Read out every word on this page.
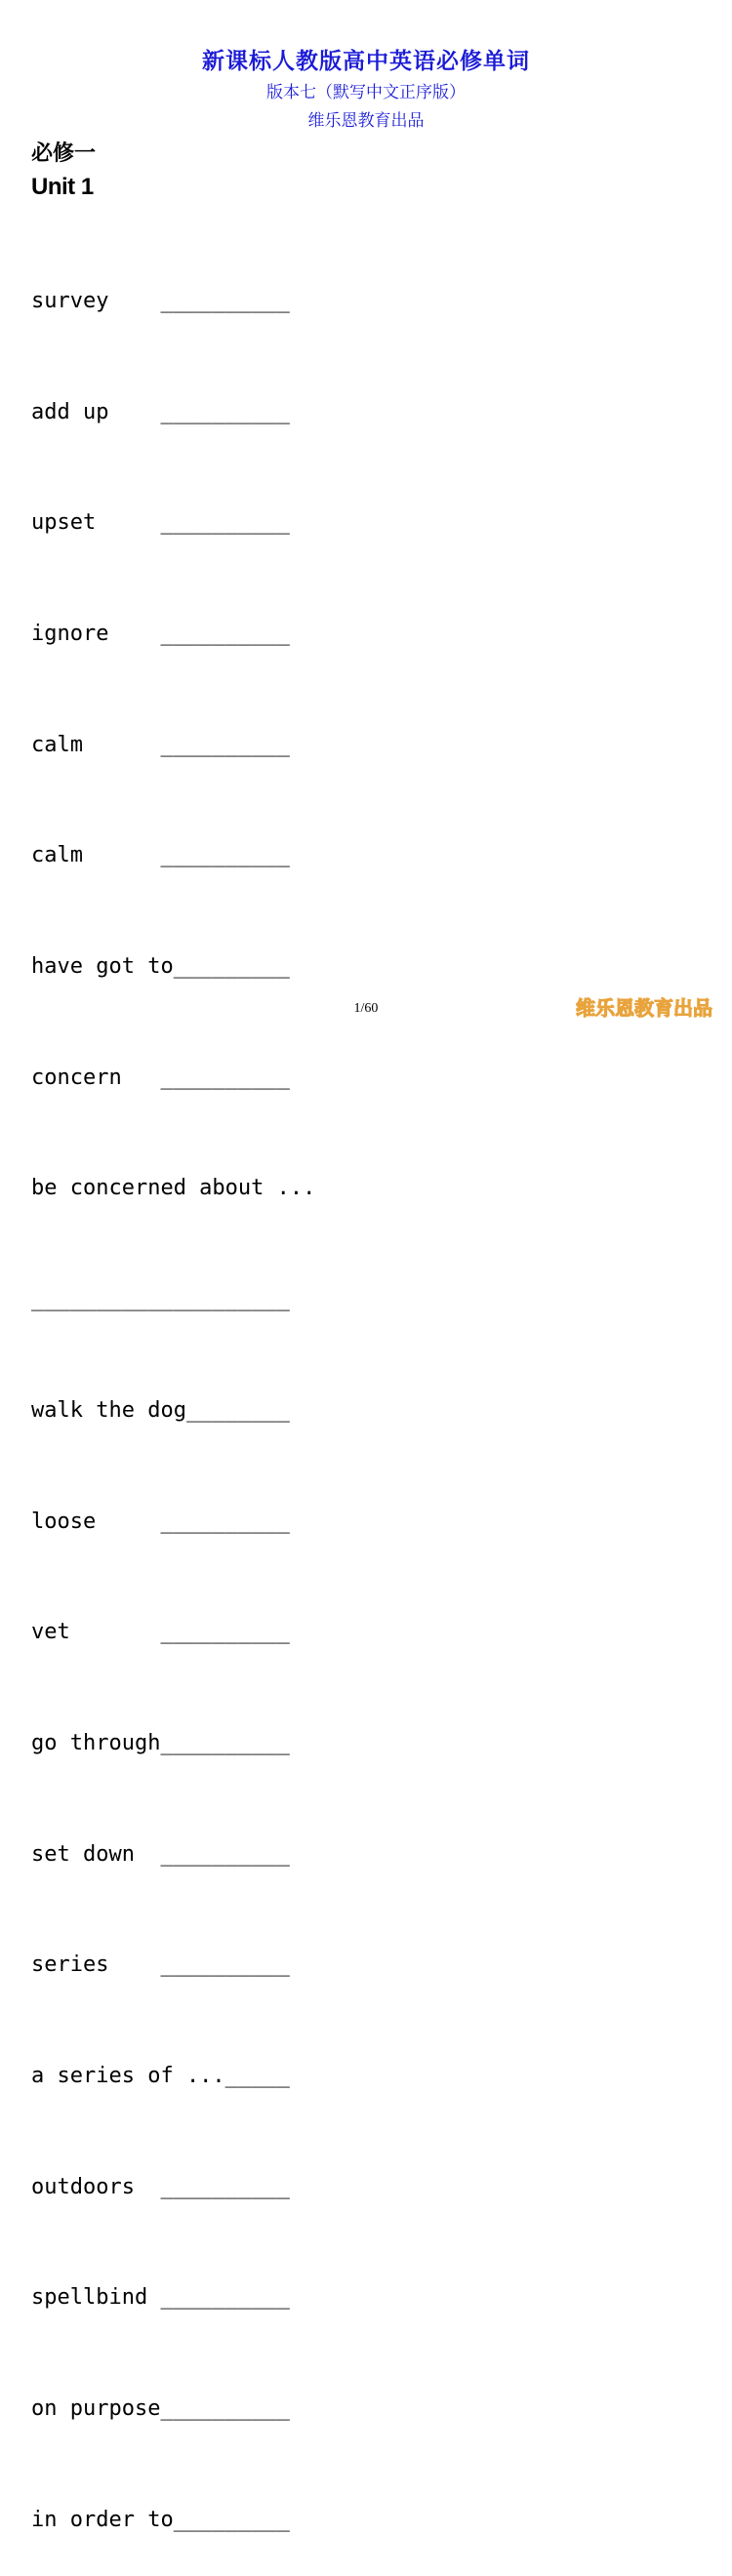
新课标人教版高中英语必修单词
版本七（默写中文正序版）
维乐恩教育出品
必修一
Unit 1

survey    __________

add up    __________

upset     __________

ignore    __________

calm      __________

calm      __________

have got to_________

concern   __________

be concerned about ...

____________________

walk the dog________

loose     __________

vet       __________

go through__________

set down  __________

series    __________

a series of ..._____

outdoors  __________

spellbind __________

on purpose__________

in order to_________

1/60	维乐恩教育出品
